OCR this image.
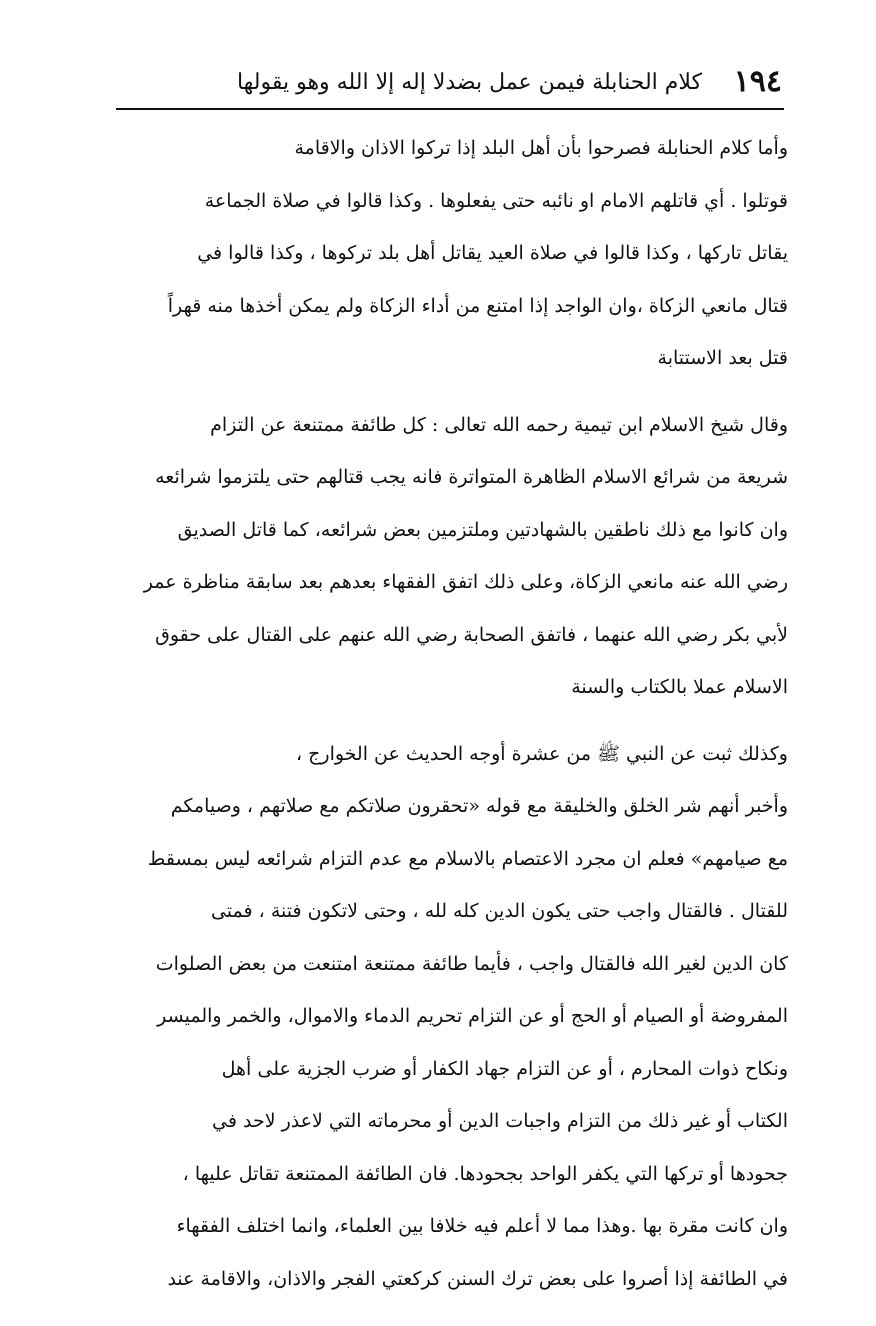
١٩٤
كلام الحنابلة فيمن عمل بضدلا إله إلا الله وهو يقولها
وأما كلام الحنابلة فصرحوا بأن أهل البلد إذا تركوا الاذان والاقامة
قوتلوا . أي قاتلهم الامام او نائبه حتى يفعلوها . وكذا قالوا في صلاة الجماعة
يقاتل تاركها ، وكذا قالوا في صلاة العيد يقاتل أهل بلد تركوها ، وكذا قالوا في
قتال مانعي الزكاة ،وان الواجد إذا امتنع من أداء الزكاة ولم يمكن أخذها منه قهراً
قتل بعد الاستتابة
وقال شيخ الاسلام ابن تيمية رحمه الله تعالى : كل طائفة ممتنعة عن التزام
شريعة من شرائع الاسلام الظاهرة المتواترة فانه يجب قتالهم حتى يلتزموا شرائعه
وان كانوا مع ذلك ناطقين بالشهادتين وملتزمين بعض شرائعه، كما قاتل الصديق
رضي الله عنه مانعي الزكاة، وعلى ذلك اتفق الفقهاء بعدهم بعد سابقة مناظرة عمر
لأبي بكر رضي الله عنهما ، فاتفق الصحابة رضي الله عنهم على القتال على حقوق
الاسلام عملا بالكتاب والسنة
وكذلك ثبت عن النبي ﷺ من عشرة أوجه الحديث عن الخوارج ،
وأخبر أنهم شر الخلق والخليقة مع قوله «تحقرون صلاتكم مع صلاتهم ، وصيامكم
مع صيامهم» فعلم ان مجرد الاعتصام بالاسلام مع عدم التزام شرائعه ليس بمسقط
للقتال . فالقتال واجب حتى يكون الدين كله لله ، وحتى لاتكون فتنة ، فمتى
كان الدين لغير الله فالقتال واجب ، فأيما طائفة ممتنعة امتنعت من بعض الصلوات
المفروضة أو الصيام أو الحج أو عن التزام تحريم الدماء والاموال، والخمر والميسر
ونكاح ذوات المحارم ، أو عن التزام جهاد الكفار أو ضرب الجزية على أهل
الكتاب أو غير ذلك من التزام واجبات الدين أو محرماته التي لاعذر لاحد في
جحودها أو تركها التي يكفر الواحد بجحودها. فان الطائفة الممتنعة تقاتل عليها ،
وان كانت مقرة بها .وهذا مما لا أعلم فيه خلافا بين العلماء، وانما اختلف الفقهاء
في الطائفة إذا أصروا على بعض ترك السنن كركعتي الفجر والاذان، والاقامة عند
